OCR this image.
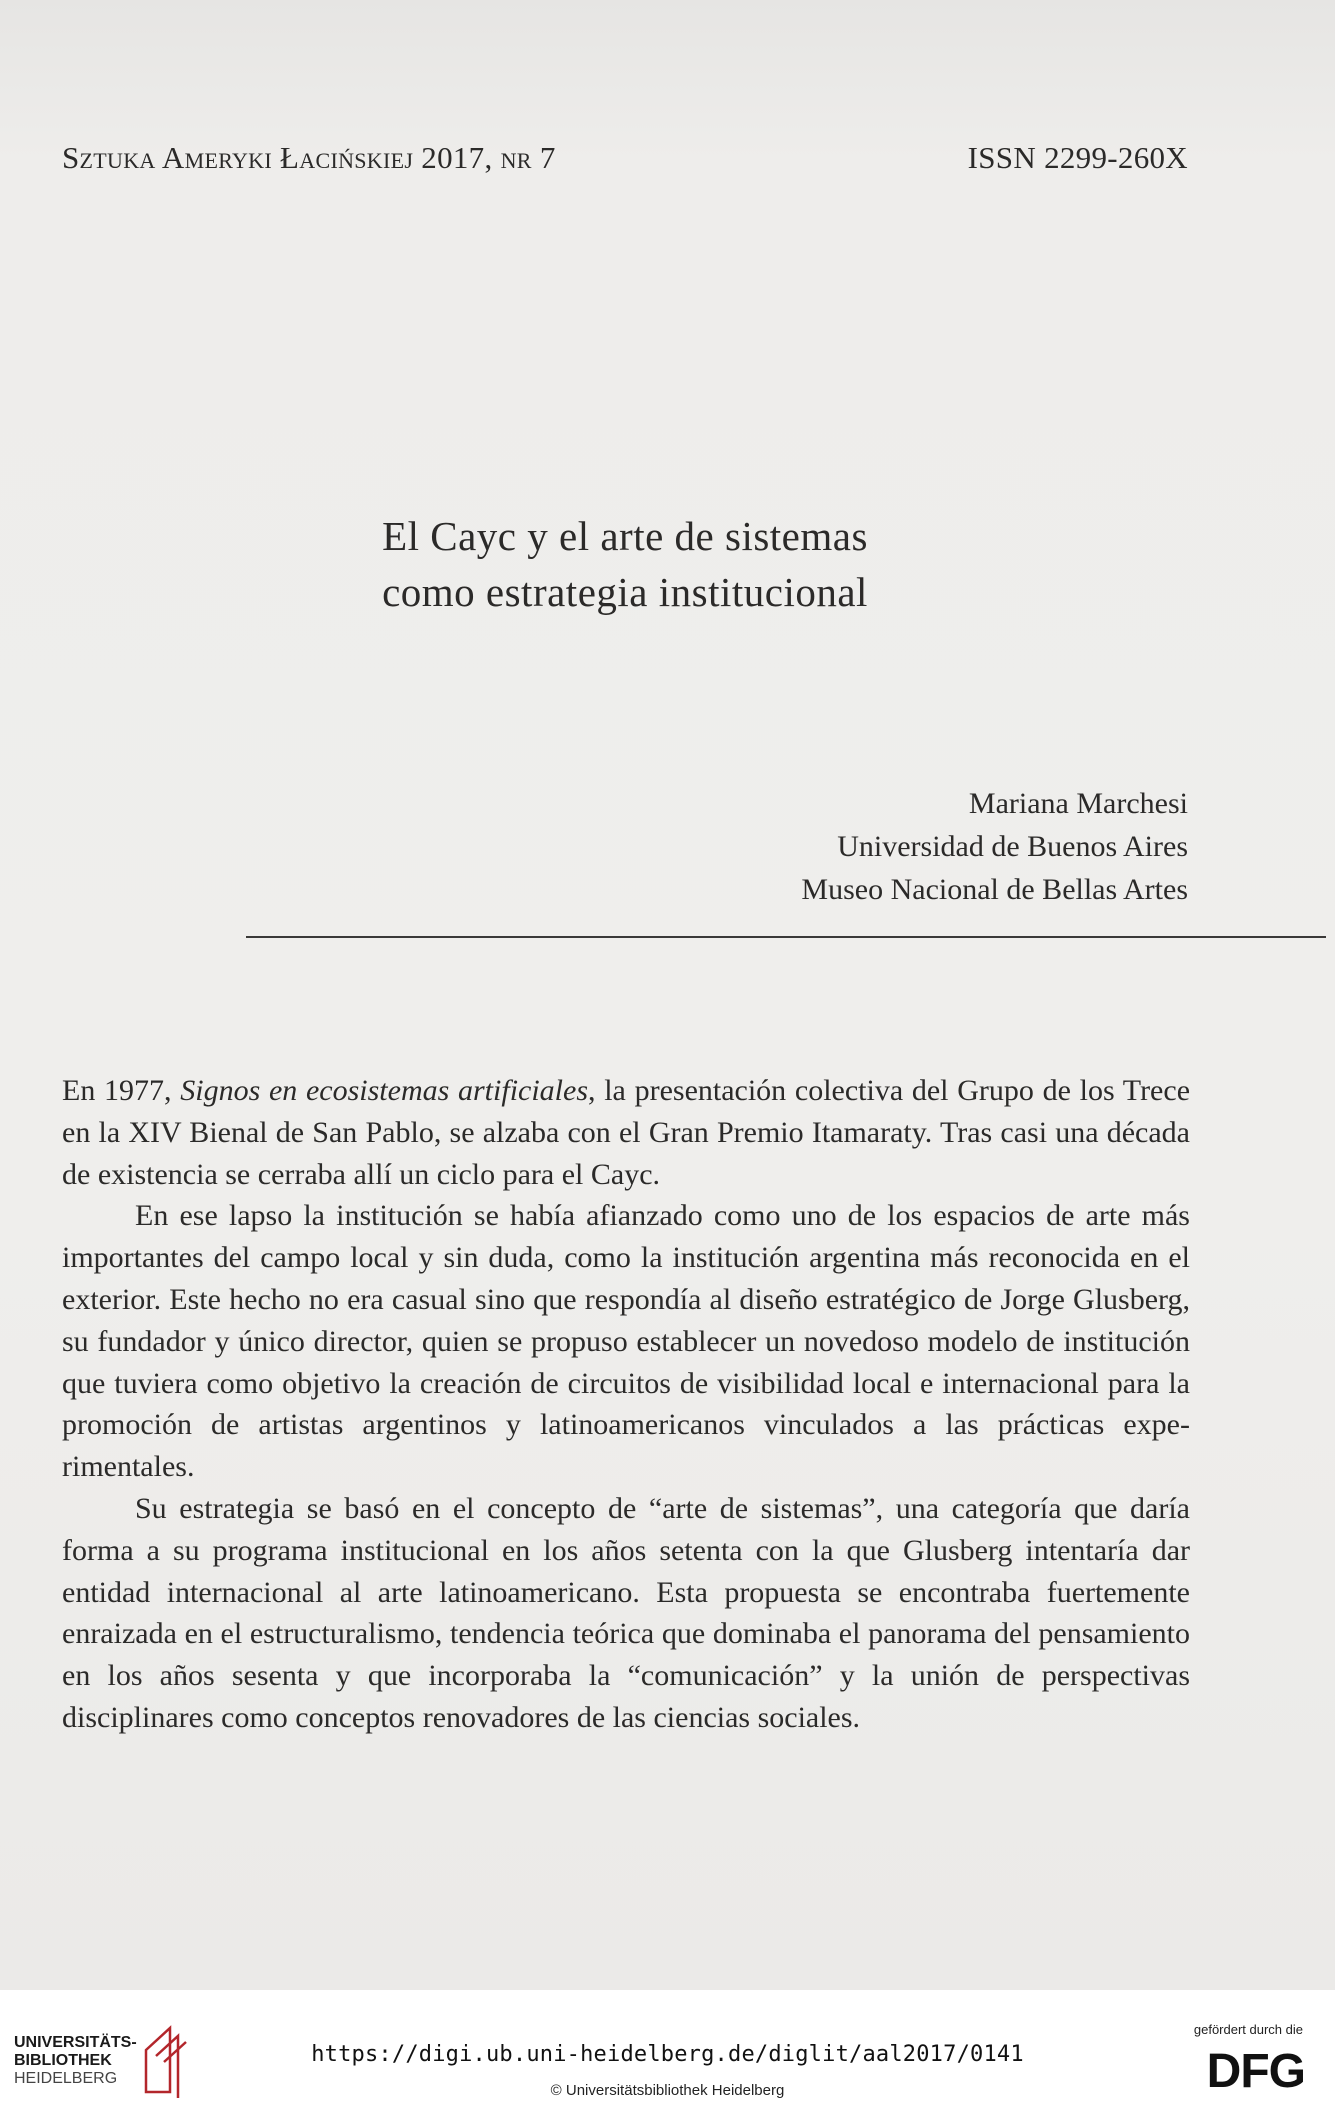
Sztuka Ameryki Łacińskiej 2017, nr 7	ISSN 2299-260X
El Cayc y el arte de sistemas
como estrategia institucional
Mariana Marchesi
Universidad de Buenos Aires
Museo Nacional de Bellas Artes

En 1977, Signos en ecosistemas artificiales, la presentación colectiva del Grupo de los Trece en la XIV Bienal de San Pablo, se alzaba con el Gran Premio Itamaraty. Tras casi una década de existencia se cerraba allí un ciclo para el Cayc.

En ese lapso la institución se había afianzado como uno de los espacios de arte más importantes del campo local y sin duda, como la institución argentina más reconocida en el exterior. Este hecho no era casual sino que respondía al diseño estratégico de Jorge Glusberg, su fundador y único director, quien se propuso establecer un novedoso modelo de institución que tuviera como objetivo la creación de circuitos de visibilidad local e internacional para la promoción de artistas argentinos y latinoamericanos vinculados a las prácticas experimentales.

Su estrategia se basó en el concepto de “arte de sistemas”, una categoría que daría forma a su programa institucional en los años setenta con la que Glusberg intentaría dar entidad internacional al arte latinoamericano. Esta propuesta se encontraba fuertemente enraizada en el estructuralismo, tendencia teórica que dominaba el panorama del pensamiento en los años sesenta y que incorporaba la “comunicación” y la unión de perspectivas disciplinares como conceptos renovadores de las ciencias sociales.

UNIVERSITÄTS-
BIBLIOTHEK
HEIDELBERG
https://digi.ub.uni-heidelberg.de/diglit/aal2017/0141
© Universitätsbibliothek Heidelberg
gefördert durch die
DFG
